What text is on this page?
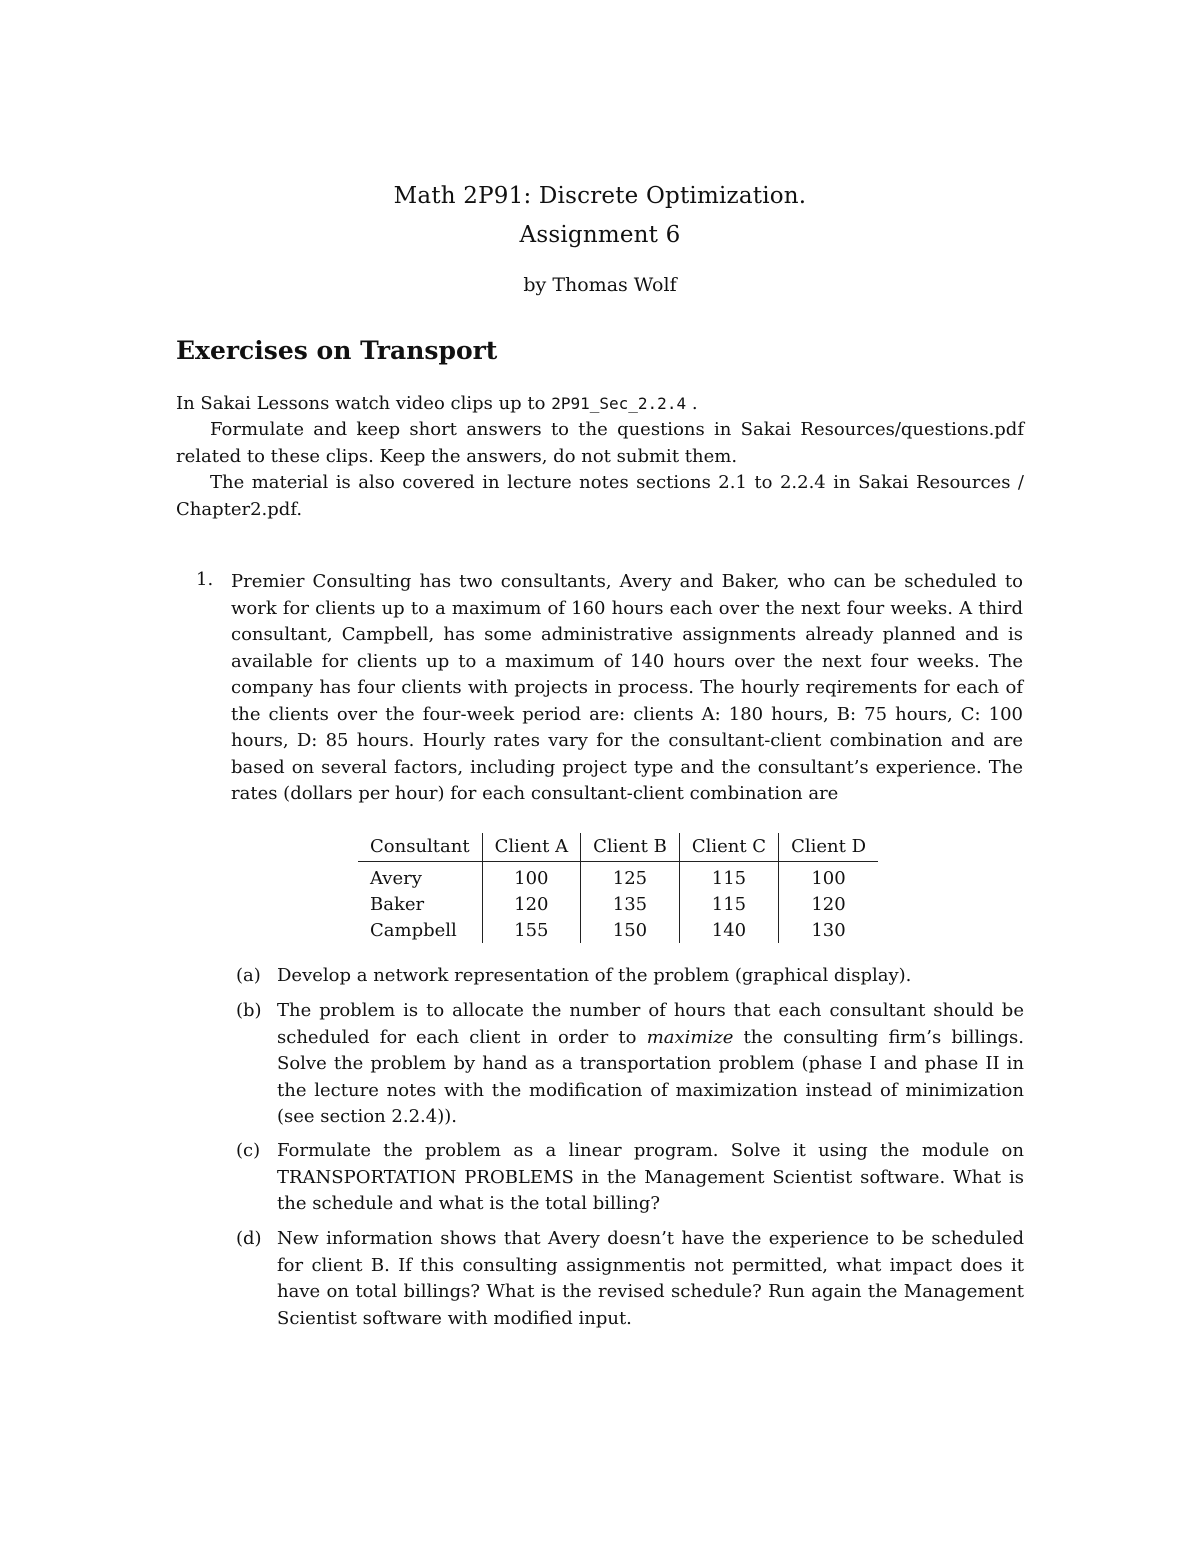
Math 2P91: Discrete Optimization.
Assignment 6
by Thomas Wolf
Exercises on Transport
In Sakai Lessons watch video clips up to 2P91_Sec_2.2.4 .
Formulate and keep short answers to the questions in Sakai Resources/questions.pdf related to these clips. Keep the answers, do not submit them.
The material is also covered in lecture notes sections 2.1 to 2.2.4 in Sakai Resources / Chapter2.pdf.
1. Premier Consulting has two consultants, Avery and Baker, who can be scheduled to work for clients up to a maximum of 160 hours each over the next four weeks. A third consultant, Campbell, has some administrative assignments already planned and is available for clients up to a maximum of 140 hours over the next four weeks. The company has four clients with projects in process. The hourly reqirements for each of the clients over the four-week period are: clients A: 180 hours, B: 75 hours, C: 100 hours, D: 85 hours. Hourly rates vary for the consultant-client combination and are based on several factors, including project type and the consultant’s experience. The rates (dollars per hour) for each consultant-client combination are
Consultant	Client A	Client B	Client C	Client D
Avery	100	125	115	100
Baker	120	135	115	120
Campbell	155	150	140	130
(a) Develop a network representation of the problem (graphical display).
(b) The problem is to allocate the number of hours that each consultant should be scheduled for each client in order to maximize the consulting firm’s billings. Solve the problem by hand as a transportation problem (phase I and phase II in the lecture notes with the modification of maximization instead of minimization (see section 2.2.4)).
(c) Formulate the problem as a linear program. Solve it using the module on TRANSPORTATION PROBLEMS in the Management Scientist software. What is the schedule and what is the total billing?
(d) New information shows that Avery doesn’t have the experience to be scheduled for client B. If this consulting assignmentis not permitted, what impact does it have on total billings? What is the revised schedule? Run again the Management Scientist software with modified input.
